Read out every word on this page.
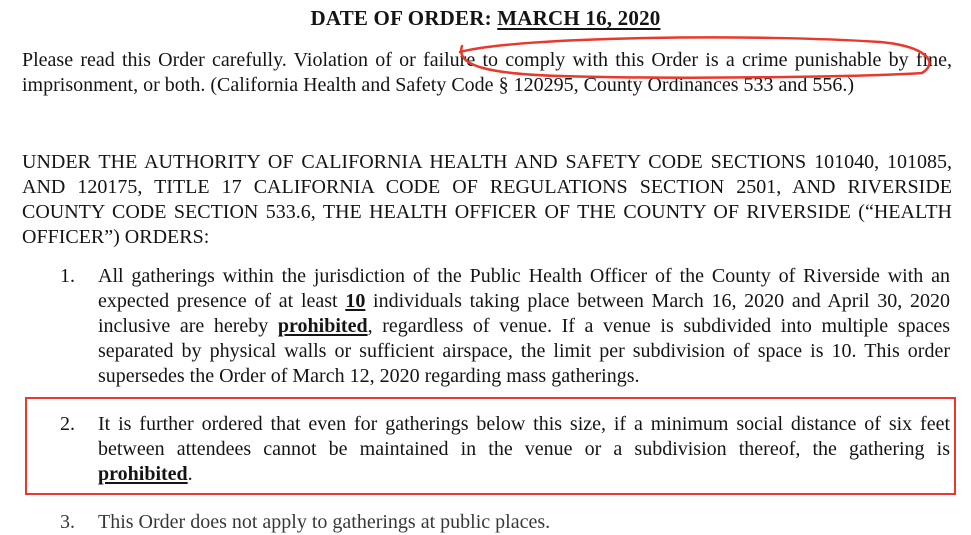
DATE OF ORDER: MARCH 16, 2020
Please read this Order carefully. Violation of or failure to comply with this Order is a crime punishable by fine, imprisonment, or both. (California Health and Safety Code § 120295, County Ordinances 533 and 556.)
UNDER THE AUTHORITY OF CALIFORNIA HEALTH AND SAFETY CODE SECTIONS 101040, 101085, AND 120175, TITLE 17 CALIFORNIA CODE OF REGULATIONS SECTION 2501, AND RIVERSIDE COUNTY CODE SECTION 533.6, THE HEALTH OFFICER OF THE COUNTY OF RIVERSIDE (“HEALTH OFFICER”) ORDERS:
1. All gatherings within the jurisdiction of the Public Health Officer of the County of Riverside with an expected presence of at least 10 individuals taking place between March 16, 2020 and April 30, 2020 inclusive are hereby prohibited, regardless of venue. If a venue is subdivided into multiple spaces separated by physical walls or sufficient airspace, the limit per subdivision of space is 10. This order supersedes the Order of March 12, 2020 regarding mass gatherings.
2. It is further ordered that even for gatherings below this size, if a minimum social distance of six feet between attendees cannot be maintained in the venue or a subdivision thereof, the gathering is prohibited.
3. This Order does not apply to gatherings at public places.
